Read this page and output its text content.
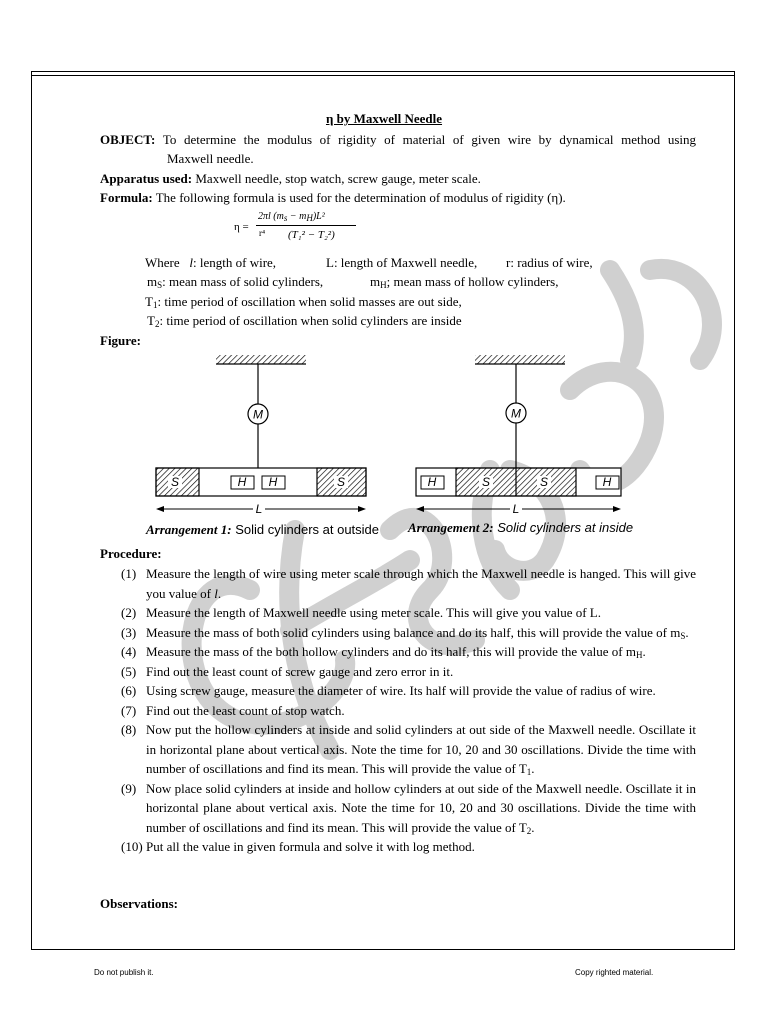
η by Maxwell Needle
OBJECT: To determine the modulus of rigidity of material of given wire by dynamical method using
Maxwell needle.
Apparatus used: Maxwell needle, stop watch, screw gauge, meter scale.
Formula: The following formula is used for the determination of modulus of rigidity (η).
η =
2πl $(m_s - m_H)L^2$
r⁴ (T₁² − T₂²)
Where l: length of wire,	L: length of Maxwell needle, r: radius of wire,
$m_S$: mean mass of solid cylinders,	$m_H$; mean mass of hollow cylinders,
$T_1$: time period of oscillation when solid masses are out side,
$T_2$: time period of oscillation when solid cylinders are inside
Figure:
M
S	S
H H
L
M
S	S
H	H
L
Arrangement 1: Solid cylinders at outside Arrangement 2: Solid cylinders at inside
Procedure:
(1) Measure the length of wire using meter scale through which the Maxwell needle is hanged. This will give you value of l.
(2) Measure the length of Maxwell needle using meter scale. This will give you value of L.
(3) Measure the mass of both solid cylinders using balance and do its half, this will provide the value of $m_S$.
(4) Measure the mass of the both hollow cylinders and do its half, this will provide the value of $m_H$.
(5) Find out the least count of screw gauge and zero error in it.
(6) Using screw gauge, measure the diameter of wire. Its half will provide the value of radius of wire.
(7) Find out the least count of stop watch.
(8) Now put the hollow cylinders at inside and solid cylinders at out side of the Maxwell needle. Oscillate it in horizontal plane about vertical axis. Note the time for 10, 20 and 30 oscillations. Divide the time with number of oscillations and find its mean. This will provide the value of $T_1$.
(9) Now place solid cylinders at inside and hollow cylinders at out side of the Maxwell needle. Oscillate it in horizontal plane about vertical axis. Note the time for 10, 20 and 30 oscillations. Divide the time with number of oscillations and find its mean. This will provide the value of $T_2$.
(10) Put all the value in given formula and solve it with log method.
Observations:
Do not publish it.	Copy righted material.
